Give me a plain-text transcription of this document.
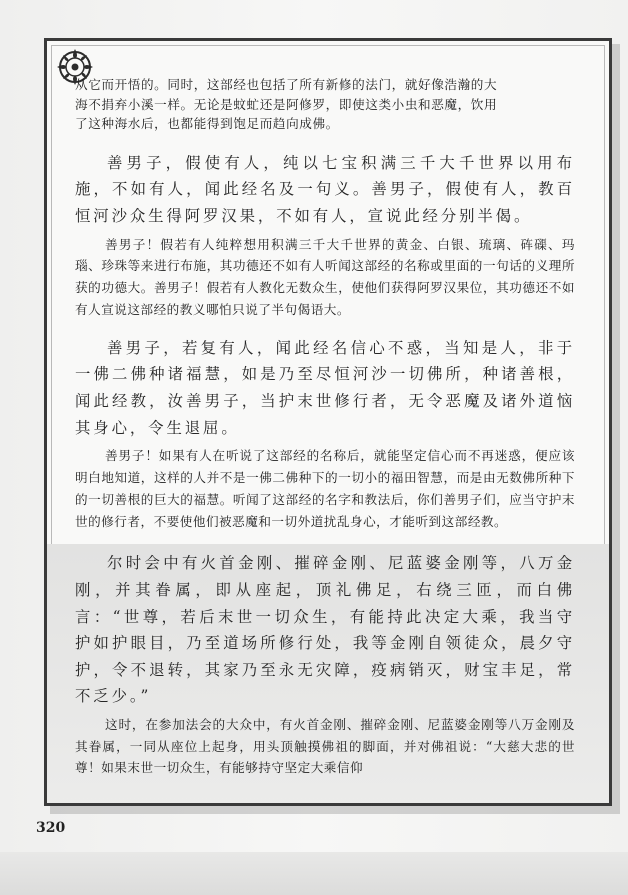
从它而开悟的。同时，这部经也包括了所有新修的法门，就好像浩瀚的大

海不捐弃小溪一样。无论是蚊虻还是阿修罗，即使这类小虫和恶魔，饮用

了这种海水后，也都能得到饱足而趋向成佛。

善男子，假使有人，纯以七宝积满三千大千世界以用布施，不如有人，闻此经名及一句义。善男子，假使有人，教百恒河沙众生得阿罗汉果，不如有人，宣说此经分别半偈。

善男子！假若有人纯粹想用积满三千大千世界的黄金、白银、琉璃、砗磲、玛瑙、珍珠等来进行布施，其功德还不如有人听闻这部经的名称或里面的一句话的义理所获的功德大。善男子！假若有人教化无数众生，使他们获得阿罗汉果位，其功德还不如有人宣说这部经的教义哪怕只说了半句偈语大。

善男子，若复有人，闻此经名信心不惑，当知是人，非于一佛二佛种诸福慧，如是乃至尽恒河沙一切佛所，种诸善根，闻此经教，汝善男子，当护末世修行者，无令恶魔及诸外道恼其身心，令生退屈。

善男子！如果有人在听说了这部经的名称后，就能坚定信心而不再迷惑，便应该明白地知道，这样的人并不是一佛二佛种下的一切小的福田智慧，而是由无数佛所种下的一切善根的巨大的福慧。听闻了这部经的名字和教法后，你们善男子们，应当守护末世的修行者，不要使他们被恶魔和一切外道扰乱身心，才能听到这部经教。

尔时会中有火首金刚、摧碎金刚、尼蓝婆金刚等，八万金刚，并其眷属，即从座起，顶礼佛足，右绕三匝，而白佛言：“世尊，若后末世一切众生，有能持此决定大乘，我当守护如护眼目，乃至道场所修行处，我等金刚自领徒众，晨夕守护，令不退转，其家乃至永无灾障，疫病销灭，财宝丰足，常不乏少。”

这时，在参加法会的大众中，有火首金刚、摧碎金刚、尼蓝婆金刚等八万金刚及其眷属，一同从座位上起身，用头顶触摸佛祖的脚面，并对佛祖说：“大慈大悲的世尊！如果末世一切众生，有能够持守坚定大乘信仰

320
